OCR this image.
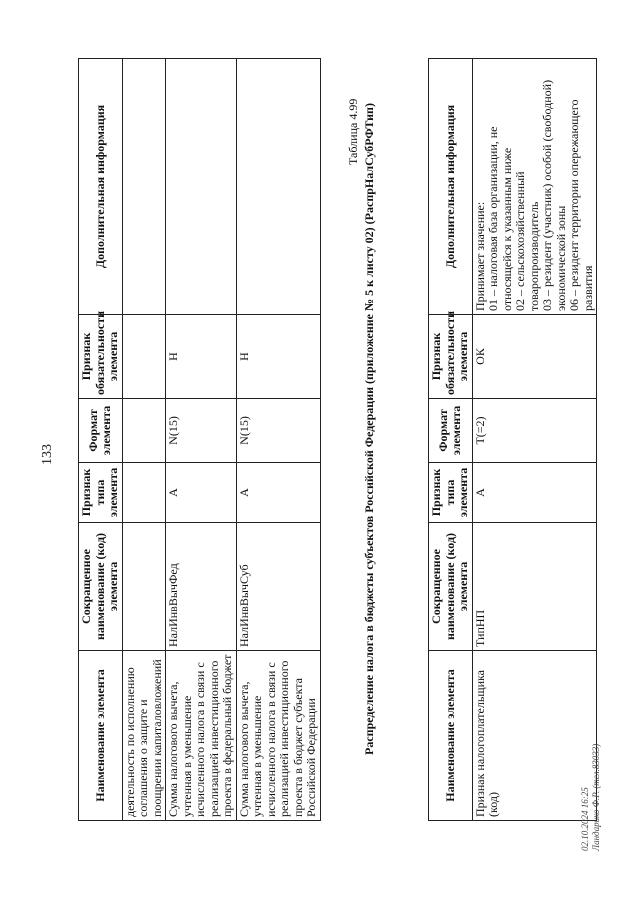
133
Наименование элемента	Сокращенное наименование (код) элемента	Признак типа элемента	Формат элемента	Признак обязательности элемента	Дополнительная информация
деятельность по исполнению соглашения о защите и поощрении капиталовложений					
Сумма налогового вычета, учтенная в уменьшение исчисленного налога в связи с реализацией инвестиционного проекта в федеральный бюджет	НалИнвВычФед	А	N(15)	Н	
Сумма налогового вычета, учтенная в уменьшение исчисленного налога в связи с реализацией инвестиционного проекта в бюджет субъекта Российской Федерации	НалИнвВычСуб	А	N(15)	Н	
Таблица 4.99 Распределение налога в бюджеты субъектов Российской Федерации (приложение № 5 к листу 02) (РаспрНалСубРФТип)	Наименование элемента	Сокращенное наименование (код) элемента	Признак типа элемента	Формат элемента	Признак обязательности элемента	Дополнительная информация
Признак налогоплательщика (код)	ТипНП	А	T(=2)	ОК	Принимает значение: 01 – налоговая база организации, не относящейся к указанным ниже 02 – сельскохозяйственный товаропроизводитель 03 – резидент (участник) особой (свободной) экономической зоны 06 – резидент территории опережающего развития
02.10.2024 16:25 Ландарико Ф.Р. (тел.83033)
